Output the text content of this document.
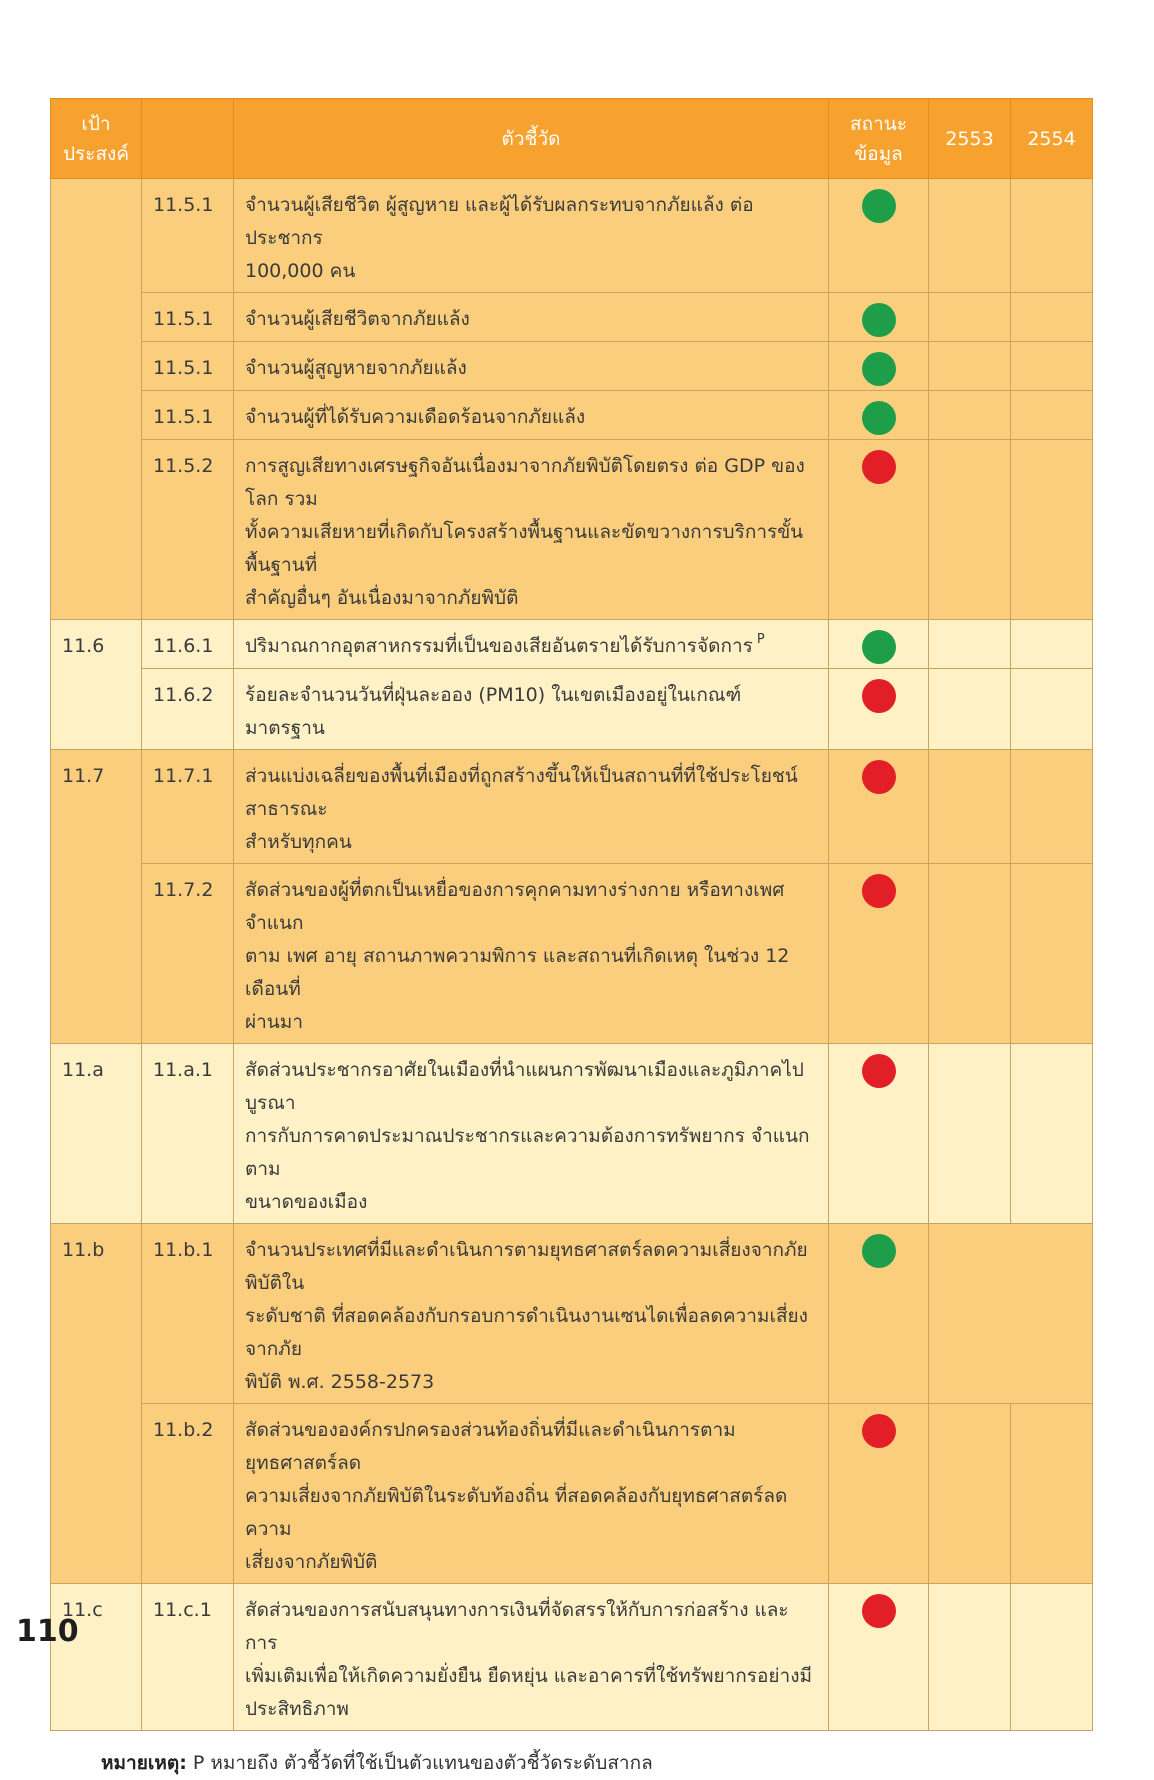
เป้า
ประสงค์		ตัวชี้วัด	สถานะ
ข้อมูล	2553	2554
	11.5.1	จำนวนผู้เสียชีวิต ผู้สูญหาย และผู้ได้รับผลกระทบจากภัยแล้ง ต่อประชากร
100,000 คน			

	11.5.1	จำนวนผู้เสียชีวิตจากภัยแล้ง			

	11.5.1	จำนวนผู้สูญหายจากภัยแล้ง			

	11.5.1	จำนวนผู้ที่ได้รับความเดือดร้อนจากภัยแล้ง			

	11.5.2	การสูญเสียทางเศรษฐกิจอันเนื่องมาจากภัยพิบัติโดยตรง ต่อ GDP ของโลก รวม
ทั้งความเสียหายที่เกิดกับโครงสร้างพื้นฐานและขัดขวางการบริการขั้นพื้นฐานที่
สำคัญอื่นๆ อันเนื่องมาจากภัยพิบัติ			

11.6	11.6.1	ปริมาณกากอุตสาหกรรมที่เป็นของเสียอันตรายได้รับการจัดการ $^P$

	11.6.2	ร้อยละจำนวนวันที่ฝุ่นละออง (PM10) ในเขตเมืองอยู่ในเกณฑ์มาตรฐาน			

11.7	11.7.1	ส่วนแบ่งเฉลี่ยของพื้นที่เมืองที่ถูกสร้างขึ้นให้เป็นสถานที่ที่ใช้ประโยชน์สาธารณะ
สำหรับทุกคน			

	11.7.2	สัดส่วนของผู้ที่ตกเป็นเหยื่อของการคุกคามทางร่างกาย หรือทางเพศ จำแนก
ตาม เพศ อายุ สถานภาพความพิการ และสถานที่เกิดเหตุ ในช่วง 12 เดือนที่
ผ่านมา			

11.a	11.a.1	สัดส่วนประชากรอาศัยในเมืองที่นำแผนการพัฒนาเมืองและภูมิภาคไปบูรณา
การกับการคาดประมาณประชากรและความต้องการทรัพยากร จำแนกตาม
ขนาดของเมือง			

11.b	11.b.1	จำนวนประเทศที่มีและดำเนินการตามยุทธศาสตร์ลดความเสี่ยงจากภัยพิบัติใน
ระดับชาติ ที่สอดคล้องกับกรอบการดำเนินงานเซนไดเพื่อลดความเสี่ยงจากภัย
พิบัติ พ.ศ. 2558-2573			

	11.b.2	สัดส่วนขององค์กรปกครองส่วนท้องถิ่นที่มีและดำเนินการตามยุทธศาสตร์ลด
ความเสี่ยงจากภัยพิบัติในระดับท้องถิ่น ที่สอดคล้องกับยุทธศาสตร์ลดความ
เสี่ยงจากภัยพิบัติ			

11.c	11.c.1	สัดส่วนของการสนับสนุนทางการเงินที่จัดสรรให้กับการก่อสร้าง และการ
เพิ่มเติมเพื่อให้เกิดความยั่งยืน ยืดหยุ่น และอาคารที่ใช้ทรัพยากรอย่างมี
ประสิทธิภาพ			

หมายเหตุ: P หมายถึง ตัวชี้วัดที่ใช้เป็นตัวแทนของตัวชี้วัดระดับสากล
110
